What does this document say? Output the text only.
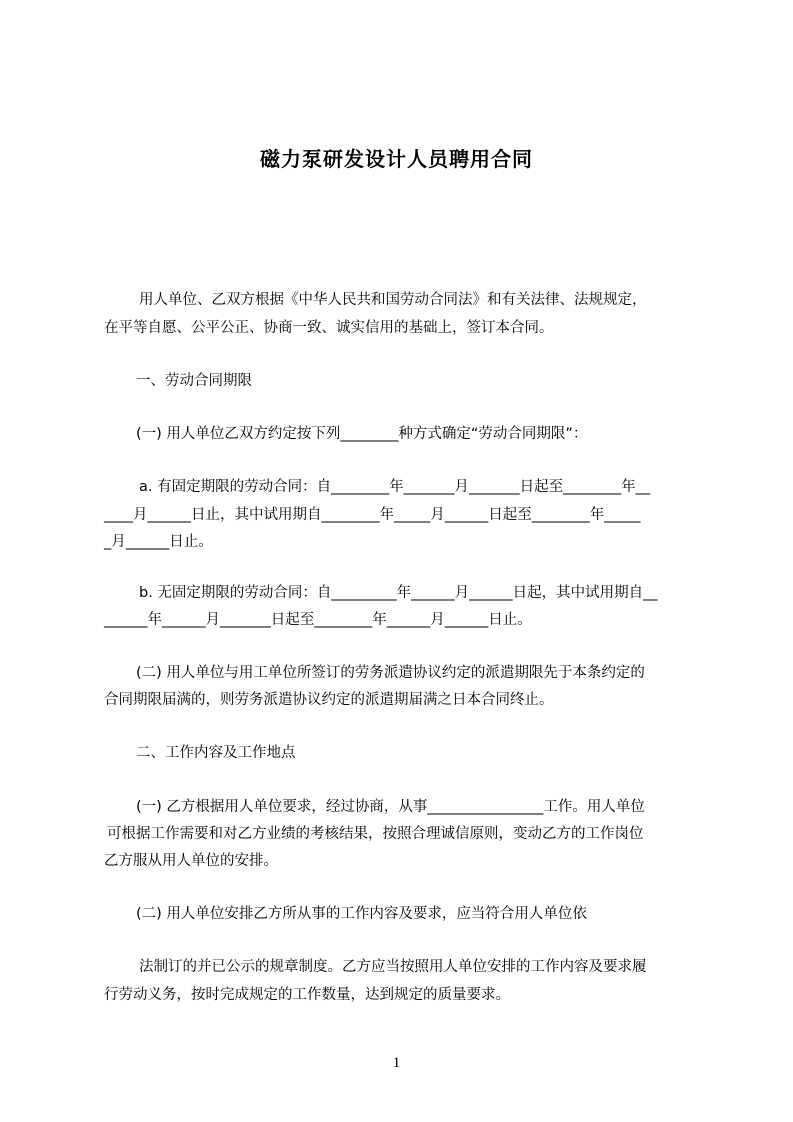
磁力泵研发设计人员聘用合同
用人单位、乙双方根据《中华人民共和国劳动合同法》和有关法律、法规规定，
在平等自愿、公平公正、协商一致、诚实信用的基础上，签订本合同。
一、劳动合同期限
(一) 用人单位乙双方约定按下列________种方式确定“劳动合同期限”：
a. 有固定期限的劳动合同：自________年_______月_______日起至________年__
____月______日止，其中试用期自________年_____月______日起至________年_____
_月______日止。
b. 无固定期限的劳动合同：自_________年______月______日起，其中试用期自__
______年______月_______日起至________年______月______日止。
(二) 用人单位与用工单位所签订的劳务派遣协议约定的派遣期限先于本条约定的
合同期限届满的，则劳务派遣协议约定的派遣期届满之日本合同终止。
二、工作内容及工作地点
(一) 乙方根据用人单位要求，经过协商，从事________________工作。用人单位
可根据工作需要和对乙方业绩的考核结果，按照合理诚信原则，变动乙方的工作岗位
乙方服从用人单位的安排。
(二) 用人单位安排乙方所从事的工作内容及要求，应当符合用人单位依
法制订的并已公示的规章制度。乙方应当按照用人单位安排的工作内容及要求履
行劳动义务，按时完成规定的工作数量，达到规定的质量要求。
1
